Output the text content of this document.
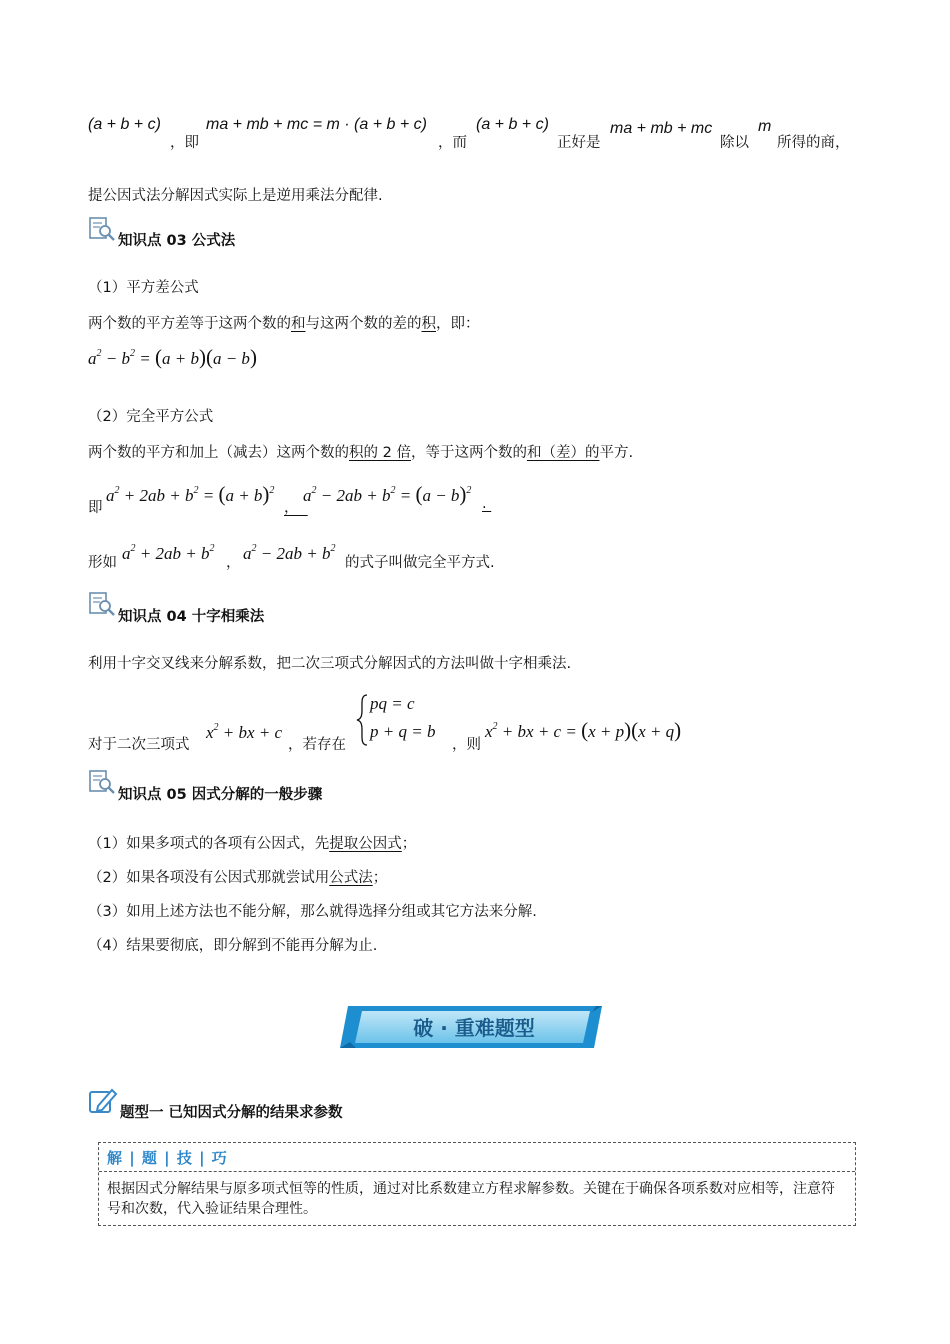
(a + b + c)
，即
ma + mb + mc = m · (a + b + c)
，而
(a + b + c)
正好是
ma + mb + mc
除以
m
所得的商，
提公因式法分解因式实际上是逆用乘法分配律.
知识点 03 公式法
（1）平方差公式
两个数的平方差等于这两个数的和与这两个数的差的积，即：
$a^2 - b^2 = (a + b)(a - b)$
（2）完全平方公式
两个数的平方和加上（减去）这两个数的积的 2 倍，等于这两个数的和（差）的平方.
即
$a^2 + 2ab + b^2 = (a + b)^2$
，
$a^2 - 2ab + b^2 = (a - b)^2$
.
形如 $a^2 + 2ab + b^2$
， $a^2 - 2ab + b^2$
的式子叫做完全平方式.
知识点 04 十字相乘法
利用十字交叉线来分解系数，把二次三项式分解因式的方法叫做十字相乘法.
对于二次三项式
$x^2$ + bx + c
，若存在
pq = c
p + q = b
，则
$x^2$ + bx + c = (x + p)(x + q)
知识点 05 因式分解的一般步骤
（1）如果多项式的各项有公因式，先提取公因式；
（2）如果各项没有公因式那就尝试用公式法；
（3）如用上述方法也不能分解，那么就得选择分组或其它方法来分解.
（4）结果要彻底，即分解到不能再分解为止.
破 · 重难题型
题型一 已知因式分解的结果求参数
解 | 题 | 技 | 巧
根据因式分解结果与原多项式恒等的性质，通过对比系数建立方程求解参数。关键在于确保各项系数对应相等，注意符号和次数，代入验证结果合理性。
